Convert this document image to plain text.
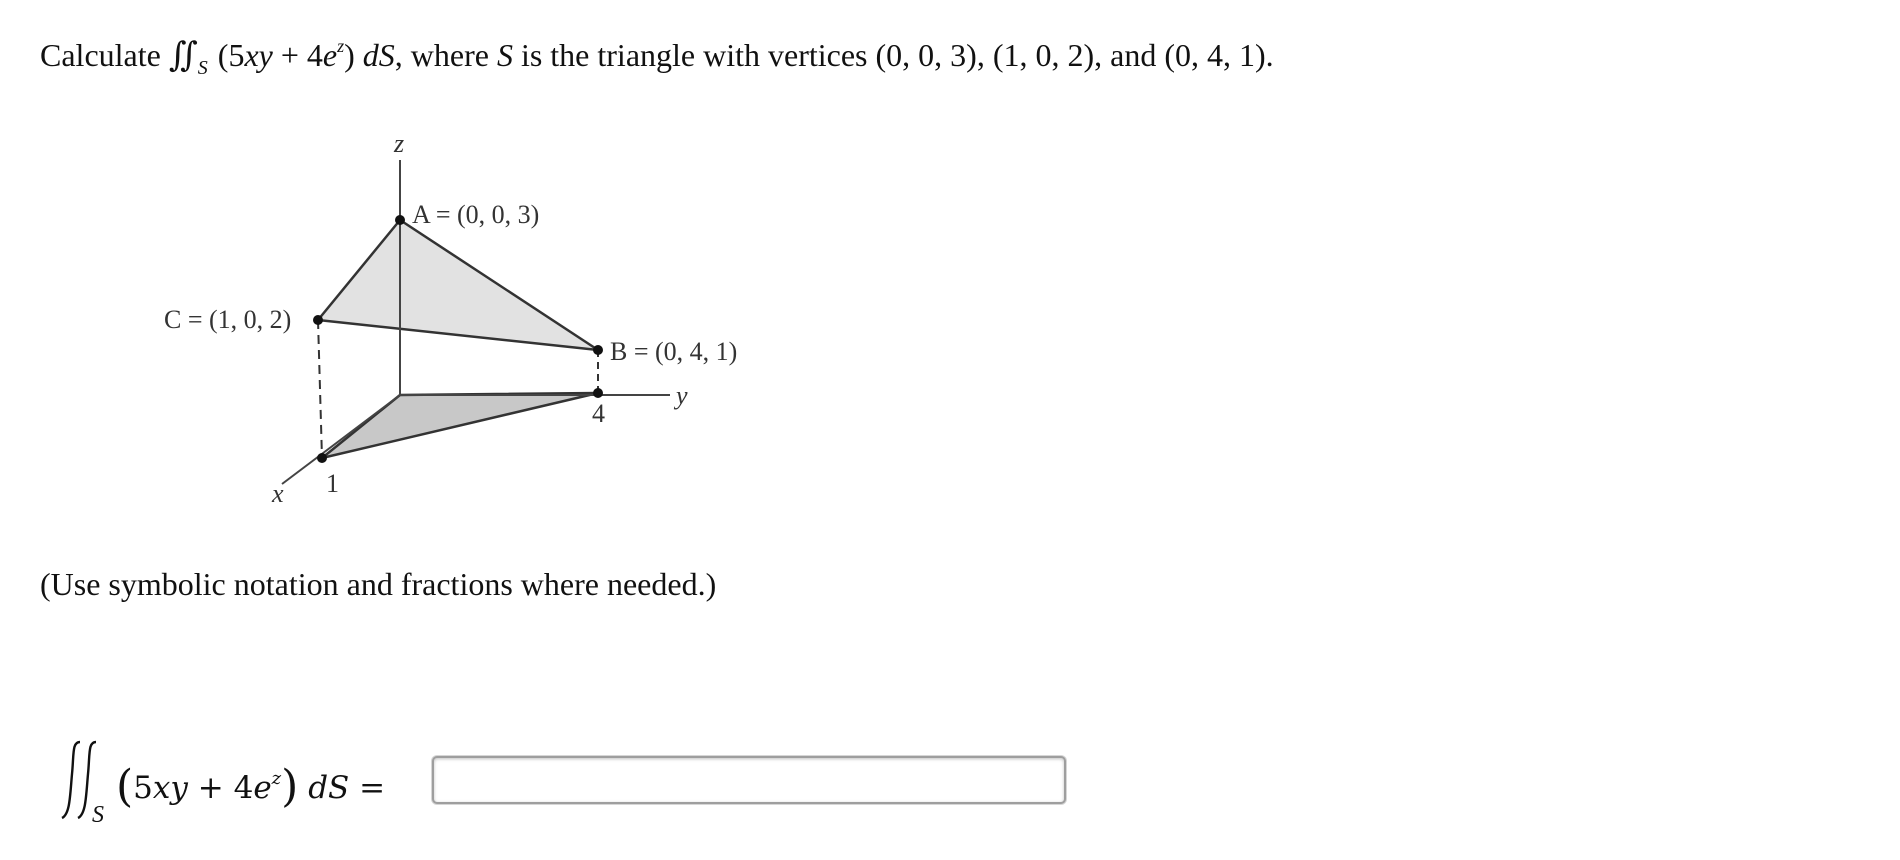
Calculate ∬ $_S$ $(5xy + 4e^z)$ dS, where S is the triangle with vertices (0, 0, 3), (1, 0, 2), and (0, 4, 1).
z
A = (0, 0, 3)
C = (1, 0, 2)
B = (0, 4, 1)
y
4
x 1
(Use symbolic notation and fractions where needed.)
S
$(5xy + 4e^z)$ dS =
